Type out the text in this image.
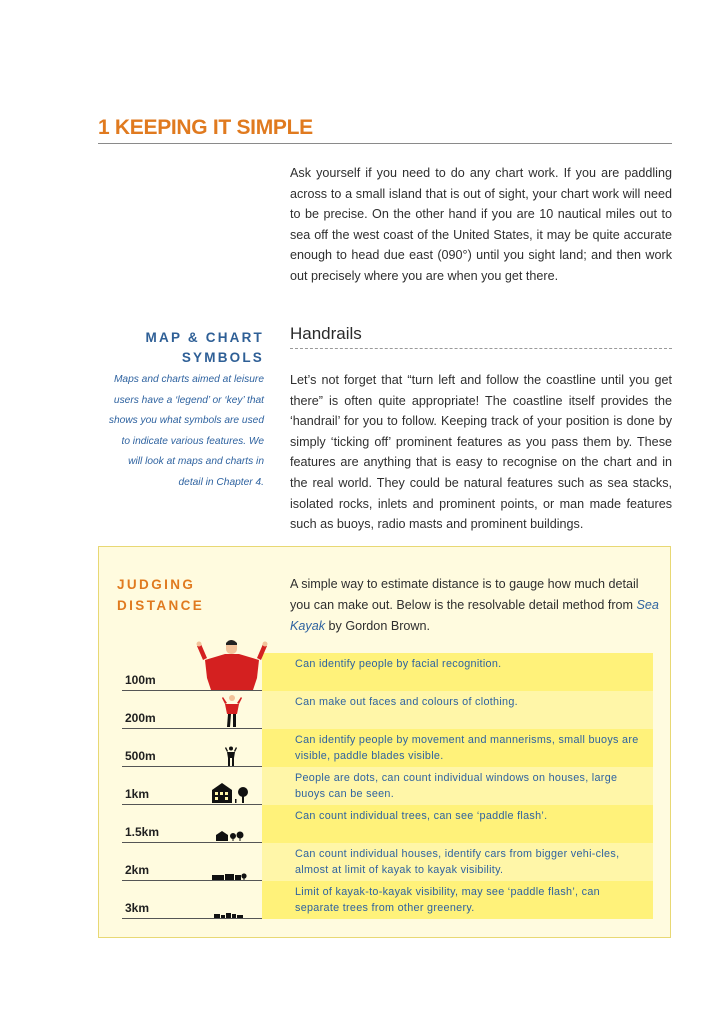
1 KEEPING IT SIMPLE

Ask yourself if you need to do any chart work. If you are paddling across to a small island that is out of sight, your chart work will need to be precise. On the other hand if you are 10 nautical miles out to sea off the west coast of the United States, it may be quite accurate enough to head due east (090°) until you sight land; and then work out precisely where you are when you get there.

MAP & CHART SYMBOLS

Maps and charts aimed at leisure users have a ‘legend’ or ‘key’ that shows you what symbols are used to indicate various features. We will look at maps and charts in detail in Chapter 4.

Handrails

Let’s not forget that “turn left and follow the coastline until you get there” is often quite appropriate! The coastline itself provides the ‘handrail’ for you to follow. Keeping track of your position is done by simply ‘ticking off’ prominent features as you pass them by. These features are anything that is easy to recognise on the chart and in the real world. They could be natural features such as sea stacks, isolated rocks, inlets and prominent points, or man made features such as buoys, radio masts and prominent buildings.

JUDGING DISTANCE

A simple way to estimate distance is to gauge how much detail you can make out. Below is the resolvable detail method from Sea Kayak by Gordon Brown.

100m
Can identify people by facial recognition.
200m
Can make out faces and colours of clothing.
500m
Can identify people by movement and mannerisms, small buoys are visible, paddle blades visible.
1km
People are dots, can count individual windows on houses, large buoys can be seen.
1.5km
Can count individual trees, can see ‘paddle flash’.
2km
Can count individual houses, identify cars from bigger vehi-cles, almost at limit of kayak to kayak visibility.
3km
Limit of kayak-to-kayak visibility, may see ‘paddle flash’, can separate trees from other greenery.
